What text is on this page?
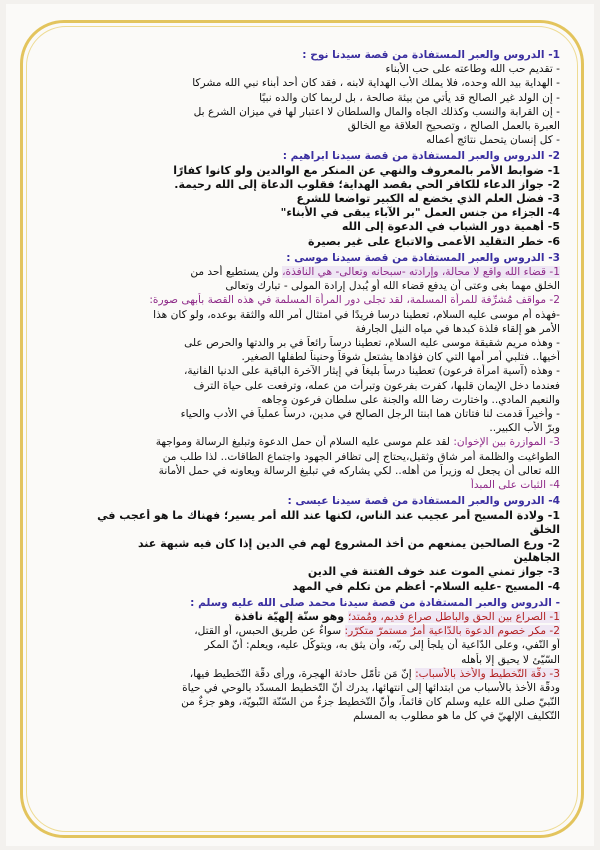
1- الدروس والعبر المستفادة من قصة سيدنا نوح :
- تقديم حب الله وطاعته على حب الأبناء
- الهداية بيد الله وحده، فلا يملك الأب الهداية لابنه ، فقد كان أحد أبناء نبي الله مشركا
- إن الولد غير الصالح قد يأتي من بيئة صالحة ، بل لربما كان والده نبيًا
- إن القرابة والنسب وكذلك الجاه والمال والسلطان لا اعتبار لها في ميزان الشرع بل
العبرة بالعمل الصالح ، وتصحيح العلاقة مع الخالق
- كل إنسان يتحمل نتائج أعماله
2- الدروس والعبر المستفادة من قصة سيدنا ابراهيم :
1- ضوابط الأمر بالمعروف والنهي عن المنكر مع الوالدين ولو كانوا كفارًا
2- جواز الدعاء للكافر الحي بقصد الهداية؛ فقلوب الدعاة إلى الله رحيمة.
3- فضل العلم الذي يخضع له الكبير تواضعا للشرع
4- الجزاء من جنس العمل "بر الآباء يبقى في الأبناء"
5- أهمية دور الشباب في الدعوة إلى الله
6- خطر التقليد الأعمى والاتباع على غير بصيرة
3- الدروس والعبر المستفادة من قصة سيدنا موسى :
1- قضاء الله واقع لا محالة، وإرادته -سبحانه وتعالى- هي النافذة، ولن يستطيع أحد من
الخلق مهما بغى وعتى أن يدفع قضاء الله أو يُبدل إرادة المولى - تبارك وتعالى
2- مواقف مُشرِّفة للمرأة المسلمة، لقد تجلى دور المرأة المسلمة في هذه القصة بأبهى صورة:
-فهذه أم موسى عليه السلام، تعطينا درسا فريدًا في امتثال أمر الله والثقة بوعده، ولو كان هذا
الأمر هو إلقاء فلذة كبدها في مياه النيل الجارفة
- وهذه مريم شقيقة موسى عليه السلام، تعطينا درساً رائعاً في بر والدتها والحرص على
أخيها.. فتلبي أمر أمها التي كان فؤادها يشتعل شوقاً وحنيناً لطفلها الصغير.
- وهذه (آسية امرأة فرعون) تعطينا درساً بليغاً في إيثار الآخرة الباقية على الدنيا الفانية،
فعندما دخل الإيمان قلبها، كفرت بفرعون وتبرأت من عمله، وترفعت على حياة الترف
والنعيم المادي.. واختارت رضا الله والجنة على سلطان فرعون وجاهه
- وأخيراً قدمت لنا فتاتان هما ابنتا الرجل الصالح في مدين، درساً عملياً في الأدب والحياء
وبرّ الأب الكبير..
3- الموازرة بين الإخوان: لقد علم موسى عليه السلام أن حمل الدعوة وتبليغ الرسالة ومواجهة
الطواغيت والظلمة أمر شاق وثقيل،يحتاج إلى تظافر الجهود واجتماع الطاقات.. لذا طلب من
الله تعالى أن يجعل له وزيراً من أهله.. لكي يشاركه في تبليغ الرسالة ويعاونه في حمل الأمانة
4- الثبات على المبدأ
4- الدروس والعبر المستفادة من قصة سيدنا عيسى :
1- ولادة المسيح أمر عجيب عند الناس، لكنها عند الله أمر يسير؛ فهناك ما هو أعجب في
الخلق
2- ورع الصالحين يمنعهم من أخذ المشروع لهم في الدين إذا كان فيه شبهة عند
الجاهلين
3- جواز تمني الموت عند خوف الفتنة في الدين
4- المسيح -عليه السلام- أعظم من تكلم في المهد
- الدروس والعبر المستفادة من قصة سيدنا محمد صلى الله عليه وسلم :
1- الصراع بين الحق والباطل صراع قديم، ومُمتد؛ وهو سنّة إلهيّة نافذة
2- مكر خصوم الدعوة بالدّاعية أمرٌ مستمرّ متكرّر: سواءٌ عن طريق الحبس، أو القتل،
أو النّفي، وعلى الدّاعية أن يلجأ إلى ربّه، وأن يثق به، ويتوكّل عليه، ويعلم: أنّ المكر
السّيّئ لا يحيق إلا بأهله
3- دقّة التّخطيط والأخذ بالأسباب: إنّ مَن تأمّل حادثة الهجرة، ورأى دقّة التّخطيط فيها،
ودقّة الأخذ بالأسباب من ابتدائها إلى انتهائها، يدرك أنّ التّخطيط المسدّد بالوحي في حياة
النّبيّ صلى الله عليه وسلم كان قائماً، وأنّ التّخطيط جزءٌ من السّنّة النّبويّة، وهو جزءٌ من
التّكليف الإلهيّ في كل ما هو مطلوب به المسلم
